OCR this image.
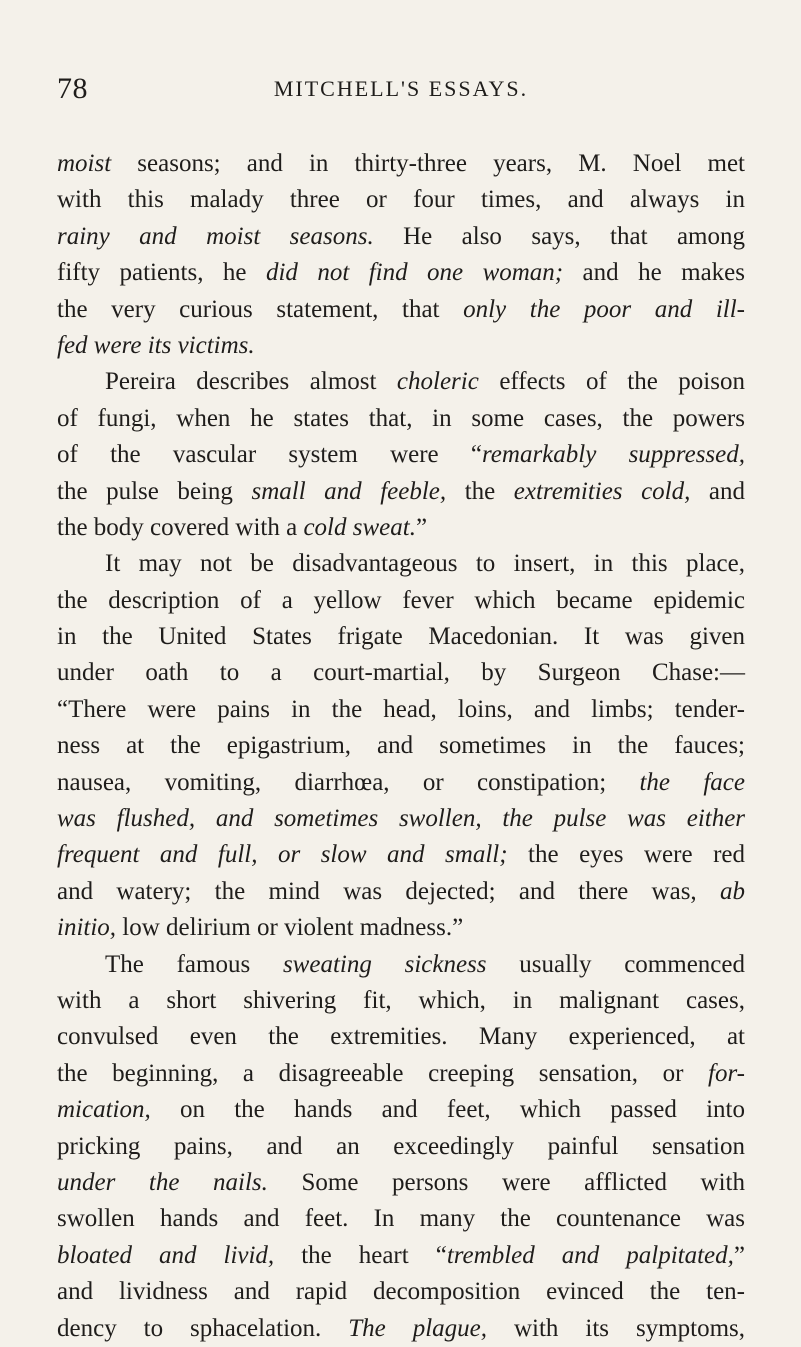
78	MITCHELL'S ESSAYS.
moist seasons; and in thirty-three years, M. Noel met
with this malady three or four times, and always in
rainy and moist seasons. He also says, that among
fifty patients, he did not find one woman; and he makes
the very curious statement, that only the poor and ill-
fed were its victims.
Pereira describes almost choleric effects of the poison
of fungi, when he states that, in some cases, the powers
of the vascular system were “remarkably suppressed,
the pulse being small and feeble, the extremities cold, and
the body covered with a cold sweat.”
It may not be disadvantageous to insert, in this place,
the description of a yellow fever which became epidemic
in the United States frigate Macedonian. It was given
under oath to a court-martial, by Surgeon Chase:—
“There were pains in the head, loins, and limbs; tender-
ness at the epigastrium, and sometimes in the fauces;
nausea, vomiting, diarrhœa, or constipation; the face
was flushed, and sometimes swollen, the pulse was either
frequent and full, or slow and small; the eyes were red
and watery; the mind was dejected; and there was, ab
initio, low delirium or violent madness.”
The famous sweating sickness usually commenced
with a short shivering fit, which, in malignant cases,
convulsed even the extremities. Many experienced, at
the beginning, a disagreeable creeping sensation, or for-
mication, on the hands and feet, which passed into
pricking pains, and an exceedingly painful sensation
under the nails. Some persons were afflicted with
swollen hands and feet. In many the countenance was
bloated and livid, the heart “trembled and palpitated,”
and lividness and rapid decomposition evinced the ten-
dency to sphacelation. The plague, with its symptoms,
